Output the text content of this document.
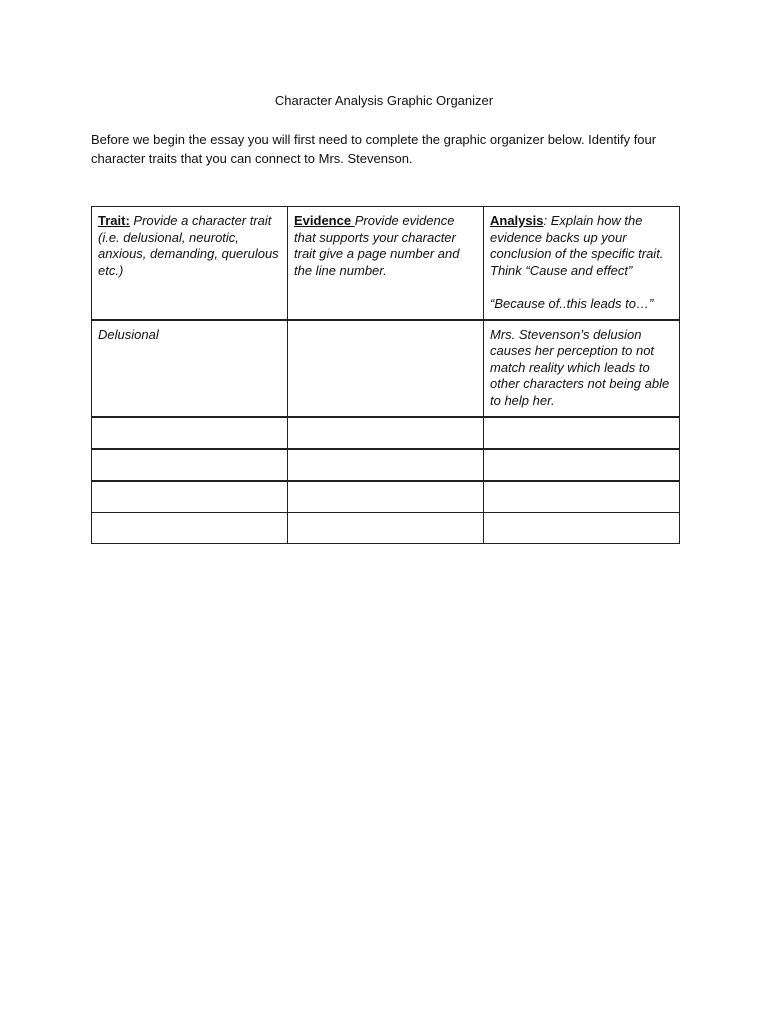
Character Analysis Graphic Organizer
Before we begin the essay you will first need to complete the graphic organizer below. Identify four character traits that you can connect to Mrs. Stevenson.
Trait: Provide a character trait (i.e. delusional, neurotic, anxious, demanding, querulous etc.)	Evidence Provide evidence that supports your character trait give a page number and the line number.	Analysis: Explain how the evidence backs up your conclusion of the specific trait. Think “Cause and effect”
“Because of..this leads to…”
Delusional		Mrs. Stevenson’s delusion causes her perception to not match reality which leads to other characters not being able to help her.
